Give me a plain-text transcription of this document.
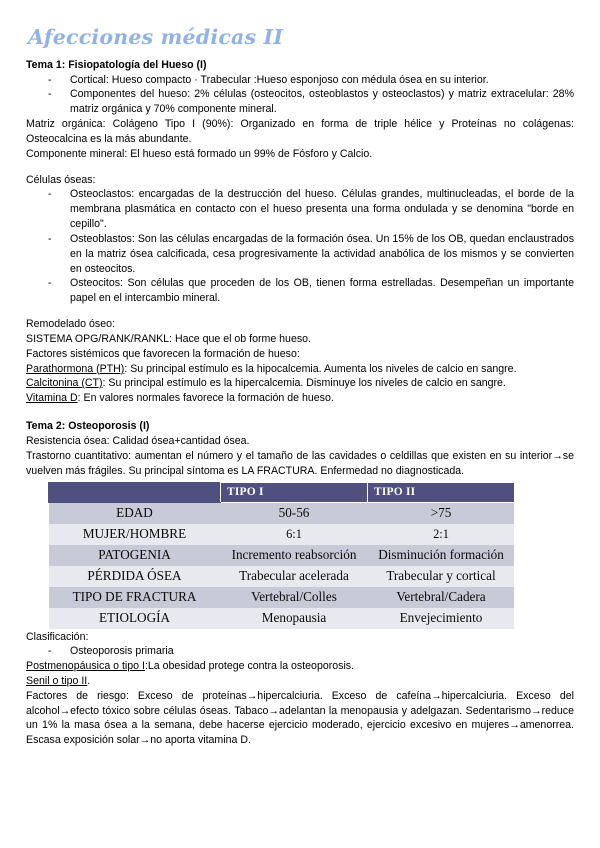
Afecciones médicas II
Tema 1: Fisiopatología del Hueso (I)
- Cortical: Hueso compacto · Trabecular :Hueso esponjoso con médula ósea en su interior.
- Componentes del hueso: 2% células (osteocitos, osteoblastos y osteoclastos) y matriz extracelular: 28% matriz orgánica y 70% componente mineral.

Matriz orgánica: Colágeno Tipo I (90%): Organizado en forma de triple hélice y Proteínas no colágenas: Osteocalcina es la más abundante.

Componente mineral: El hueso está formado un 99% de Fósforo y Calcio.

Células óseas:

- Osteoclastos: encargadas de la destrucción del hueso. Células grandes, multinucleadas, el borde de la membrana plasmática en contacto con el hueso presenta una forma ondulada y se denomina "borde en cepillo".
- Osteoblastos: Son las células encargadas de la formación ósea. Un 15% de los OB, quedan enclaustrados en la matriz ósea calcificada, cesa progresivamente la actividad anabólica de los mismos y se convierten en osteocitos.
- Osteocitos: Son células que proceden de los OB, tienen forma estrelladas. Desempeñan un importante papel en el intercambio mineral.

Remodelado óseo:

SISTEMA OPG/RANK/RANKL: Hace que el ob forme hueso.

Factores sistémicos que favorecen la formación de hueso:

Parathormona (PTH): Su principal estímulo es la hipocalcemia. Aumenta los niveles de calcio en sangre.

Calcitonina (CT): Su principal estímulo es la hipercalcemia. Disminuye los niveles de calcio en sangre.

Vitamina D: En valores normales favorece la formación de hueso.

Tema 2: Osteoporosis (I)

Resistencia ósea: Calidad ósea+cantidad ósea.

Trastorno cuantitativo: aumentan el número y el tamaño de las cavidades o celdillas que existen en su interior→se vuelven más frágiles. Su principal síntoma es LA FRACTURA. Enfermedad no diagnosticada.

	TIPO I	TIPO II
EDAD	50-56	>75
MUJER/HOMBRE	6:1	2:1
PATOGENIA	Incremento reabsorción	Disminución formación
PÉRDIDA ÓSEA	Trabecular acelerada	Trabecular y cortical
TIPO DE FRACTURA	Vertebral/Colles	Vertebral/Cadera
ETIOLOGÍA	Menopausia	Envejecimiento

Clasificación:

- Osteoporosis primaria

Postmenopáusica o tipo I:La obesidad protege contra la osteoporosis.

Senil o tipo II.

Factores de riesgo: Exceso de proteínas→hipercalciuria. Exceso de cafeína→hipercalciuria. Exceso del alcohol→efecto tóxico sobre células óseas. Tabaco→adelantan la menopausia y adelgazan. Sedentarismo→reduce un 1% la masa ósea a la semana, debe hacerse ejercicio moderado, ejercicio excesivo en mujeres→amenorrea. Escasa exposición solar→no aporta vitamina D.
